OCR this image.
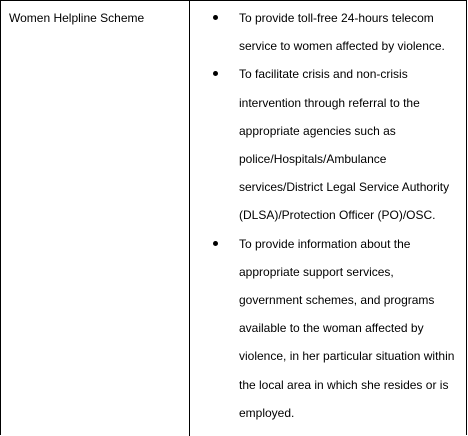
Women Helpline Scheme	To provide toll-free 24-hours telecom
service to women affected by violence.
To facilitate crisis and non-crisis
intervention through referral to the
appropriate agencies such as
police/Hospitals/Ambulance
services/District Legal Service Authority
(DLSA)/Protection Officer (PO)/OSC.
To provide information about the
appropriate support services,
government schemes, and programs
available to the woman affected by
violence, in her particular situation within
the local area in which she resides or is
employed.
